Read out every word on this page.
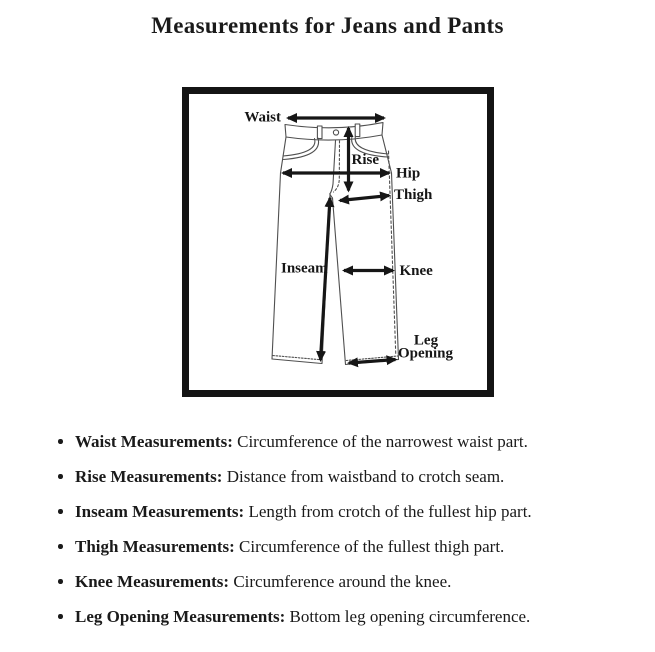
Measurements for Jeans and Pants
Waist
Rise
Hip
Thigh
Inseam	Knee
Leg
Opening
Waist Measurements: Circumference of the narrowest waist part.
Rise Measurements: Distance from waistband to crotch seam.
Inseam Measurements: Length from crotch of the fullest hip part.
Thigh Measurements: Circumference of the fullest thigh part.
Knee Measurements: Circumference around the knee.
Leg Opening Measurements: Bottom leg opening circumference.
